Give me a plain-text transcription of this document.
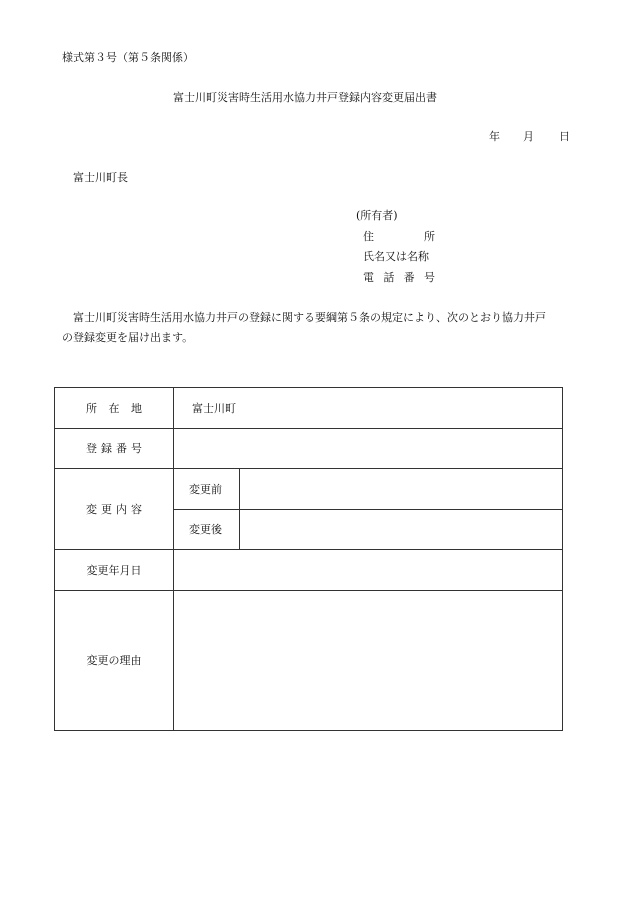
様式第３号（第５条関係）
富士川町災害時生活用水協力井戸登録内容変更届出書
年 月 日
富士川町長
(所有者)
住	所
氏名又は名称
電 話 番 号
富士川町災害時生活用水協力井戸の登録に関する要綱第５条の規定により、次のとおり協力井戸
の登録変更を届け出ます。
所 在 地	富士川町	

登 録 番 号		

変 更 内 容	変更前	
	変更後	
変更年月日		
変更の理由		
